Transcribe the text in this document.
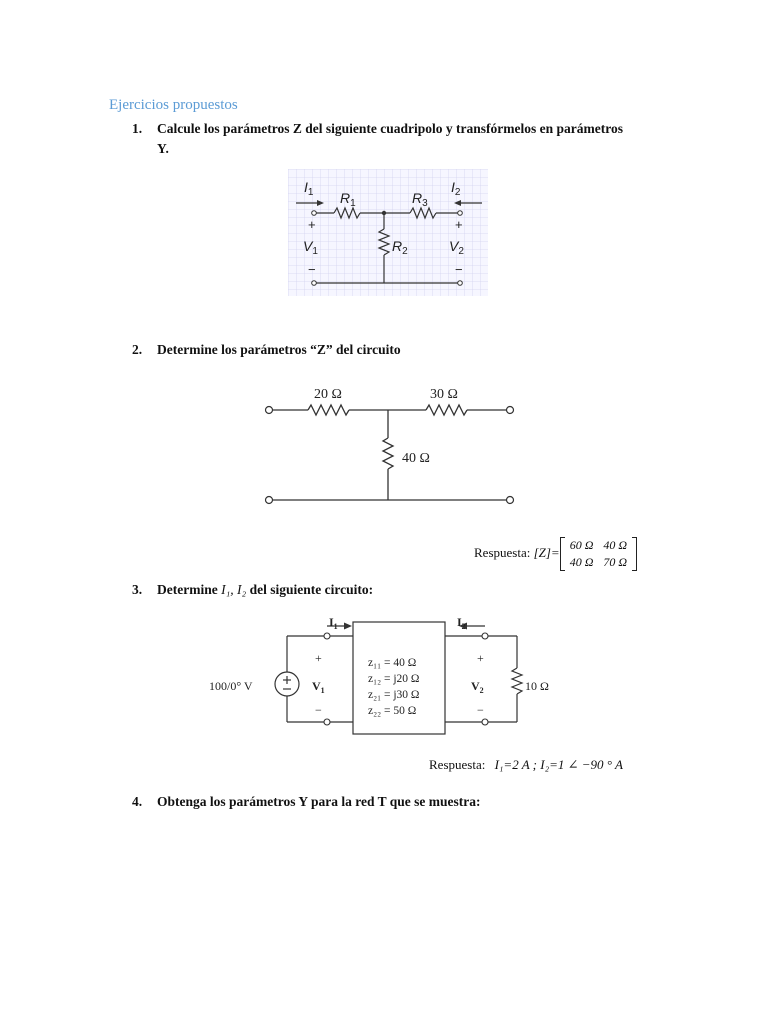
Ejercicios propuestos
1. Calcule los parámetros Z del siguiente cuadripolo y transfórmelos en parámetros Y.
$I_1$ $R_1$	$R_3$
$I_2$
$R_2$
$V_1$	$V_2$
+	+
−	−
2. Determine los parámetros “Z” del circuito
20 Ω	30 Ω
40 Ω
Respuesta: [Z]= 60 Ω	40 Ω
40 Ω	70 Ω
3. Determine I₁, I₂ del siguiente circuito:
$I_1$	$I_2$
100/0° V	$V_1$	$V_2$
+	+
−	−
z₁₁ = 40 Ω
z₁₂ = j20 Ω
z₂₁ = j30 Ω
z₂₂ = 50 Ω
10 Ω
Respuesta: I₁=2 A ; I₂=1 ∠ −90 ° A
4. Obtenga los parámetros Y para la red T que se muestra:
